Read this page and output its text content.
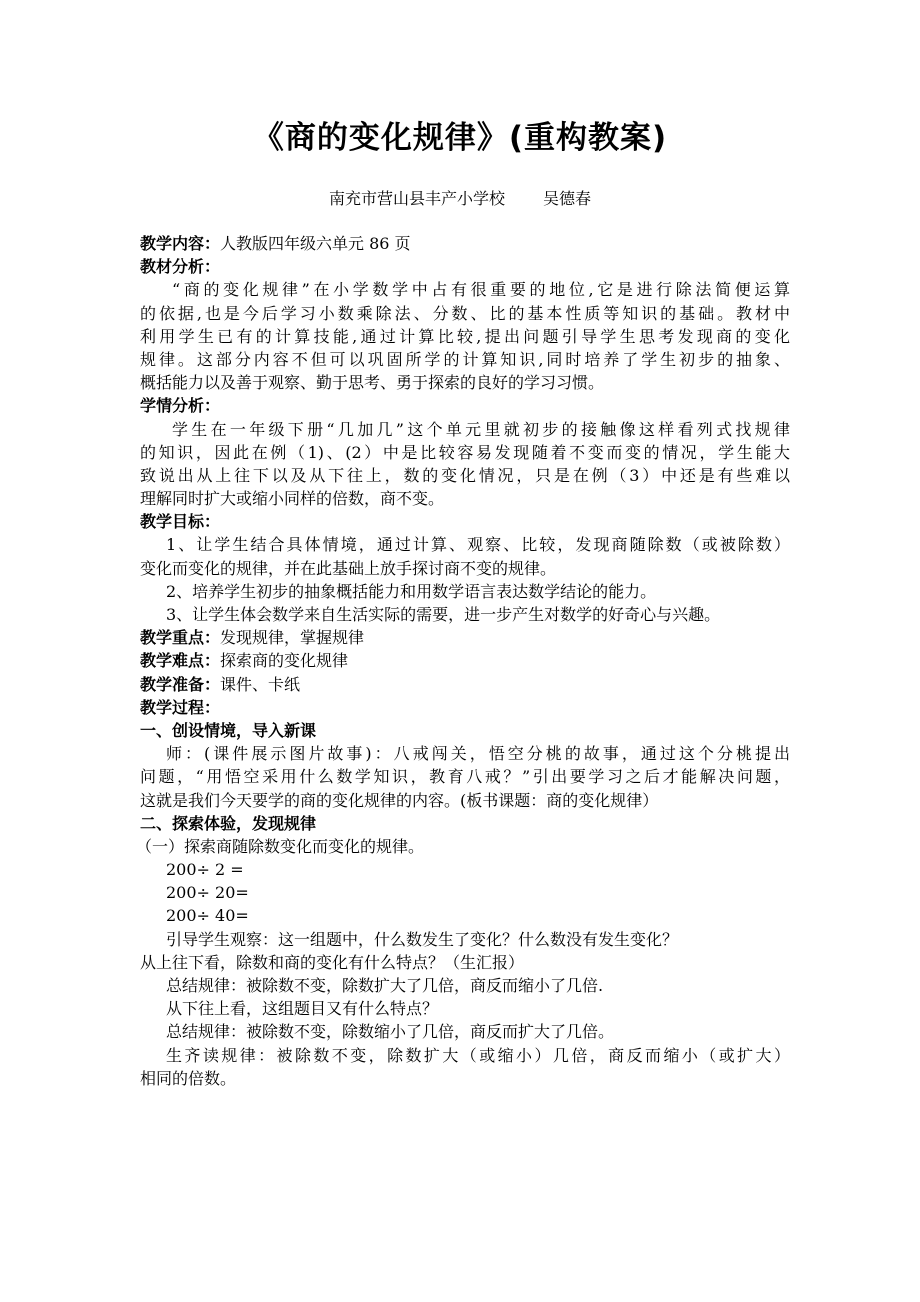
《商的变化规律》(重构教案)
南充市营山县丰产小学校 吴德春
教学内容：人教版四年级六单元 86 页
教材分析：
“商的变化规律”在小学数学中占有很重要的地位,它是进行除法简便运算
的依据,也是今后学习小数乘除法、分数、比的基本性质等知识的基础。教材中
利用学生已有的计算技能,通过计算比较,提出问题引导学生思考发现商的变化
规律。这部分内容不但可以巩固所学的计算知识,同时培养了学生初步的抽象、
概括能力以及善于观察、勤于思考、勇于探索的良好的学习习惯。
学情分析：
学生在一年级下册“几加几”这个单元里就初步的接触像这样看列式找规律
的知识，因此在例（1)、(2）中是比较容易发现随着不变而变的情况，学生能大
致说出从上往下以及从下往上，数的变化情况，只是在例（3）中还是有些难以
理解同时扩大或缩小同样的倍数，商不变。
教学目标：
1、让学生结合具体情境，通过计算、观察、比较，发现商随除数（或被除数）
变化而变化的规律，并在此基础上放手探讨商不变的规律。
2、培养学生初步的抽象概括能力和用数学语言表达数学结论的能力。
3、让学生体会数学来自生活实际的需要，进一步产生对数学的好奇心与兴趣。
教学重点：发现规律，掌握规律
教学难点：探索商的变化规律
教学准备：课件、卡纸
教学过程：
一、创设情境，导入新课
师：(课件展示图片故事)：八戒闯关，悟空分桃的故事，通过这个分桃提出
问题，“用悟空采用什么数学知识，教育八戒？”引出要学习之后才能解决问题，
这就是我们今天要学的商的变化规律的内容。(板书课题：商的变化规律）
二、探索体验，发现规律
（一）探索商随除数变化而变化的规律。
200÷ 2 =
200÷ 20=
200÷ 40=
引导学生观察：这一组题中，什么数发生了变化？什么数没有发生变化？
从上往下看，除数和商的变化有什么特点？（生汇报）
总结规律：被除数不变，除数扩大了几倍，商反而缩小了几倍.
从下往上看，这组题目又有什么特点？
总结规律：被除数不变，除数缩小了几倍，商反而扩大了几倍。
生齐读规律：被除数不变，除数扩大（或缩小）几倍，商反而缩小（或扩大）
相同的倍数。
